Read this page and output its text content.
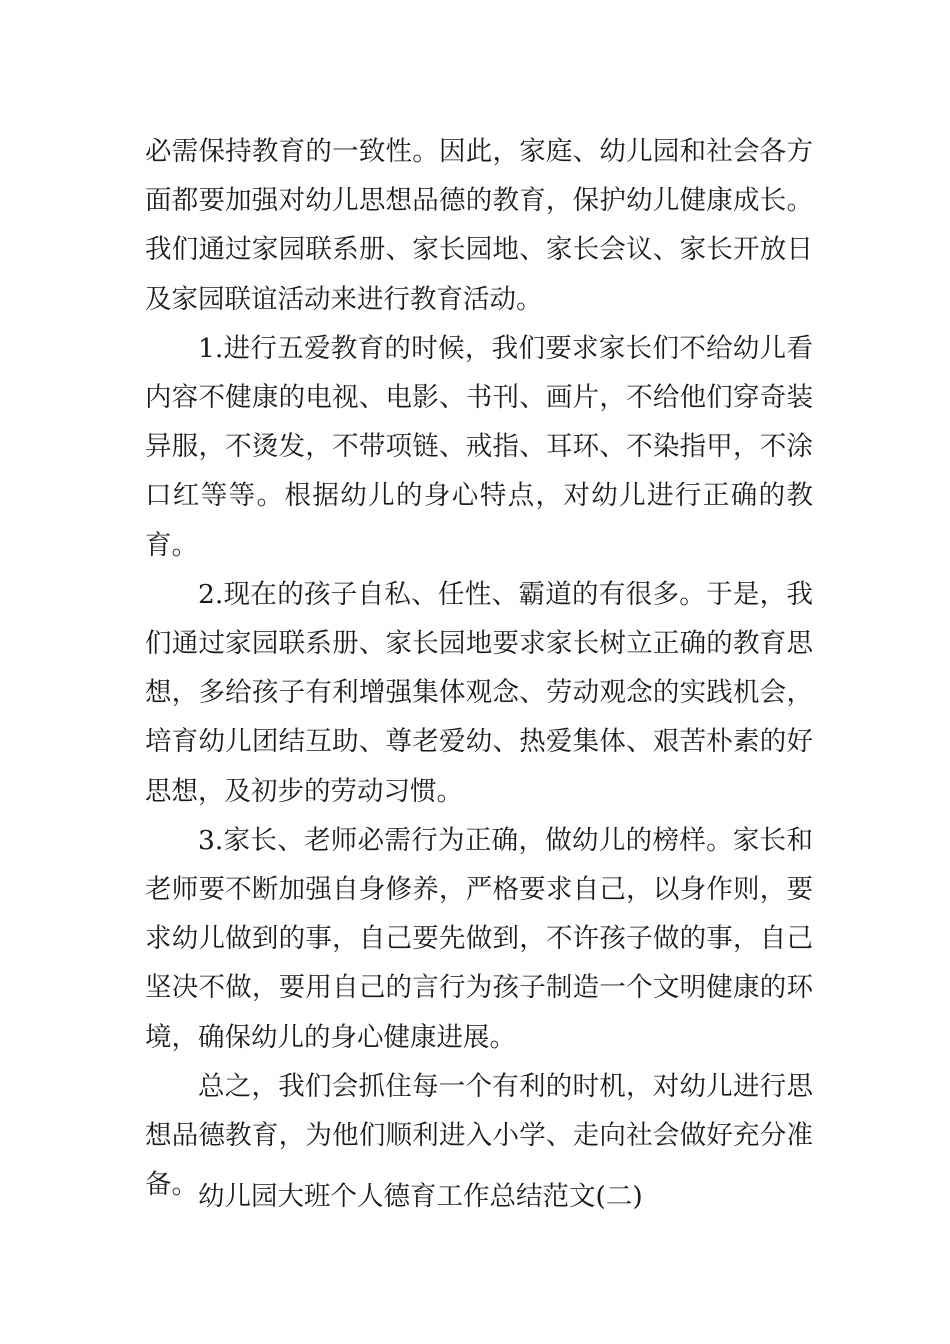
必需保持教育的一致性。因此，家庭、幼儿园和社会各方面都要加强对幼儿思想品德的教育，保护幼儿健康成长。我们通过家园联系册、家长园地、家长会议、家长开放日及家园联谊活动来进行教育活动。

1.进行五爱教育的时候，我们要求家长们不给幼儿看内容不健康的电视、电影、书刊、画片，不给他们穿奇装异服，不烫发，不带项链、戒指、耳环、不染指甲，不涂口红等等。根据幼儿的身心特点，对幼儿进行正确的教育。

2.现在的孩子自私、任性、霸道的有很多。于是，我们通过家园联系册、家长园地要求家长树立正确的教育思想，多给孩子有利增强集体观念、劳动观念的实践机会，培育幼儿团结互助、尊老爱幼、热爱集体、艰苦朴素的好思想，及初步的劳动习惯。

3.家长、老师必需行为正确，做幼儿的榜样。家长和老师要不断加强自身修养，严格要求自己，以身作则，要求幼儿做到的事，自己要先做到，不许孩子做的事，自己坚决不做，要用自己的言行为孩子制造一个文明健康的环境，确保幼儿的身心健康进展。

总之，我们会抓住每一个有利的时机，对幼儿进行思想品德教育，为他们顺利进入小学、走向社会做好充分准备。 幼儿园大班个人德育工作总结范文(二)
